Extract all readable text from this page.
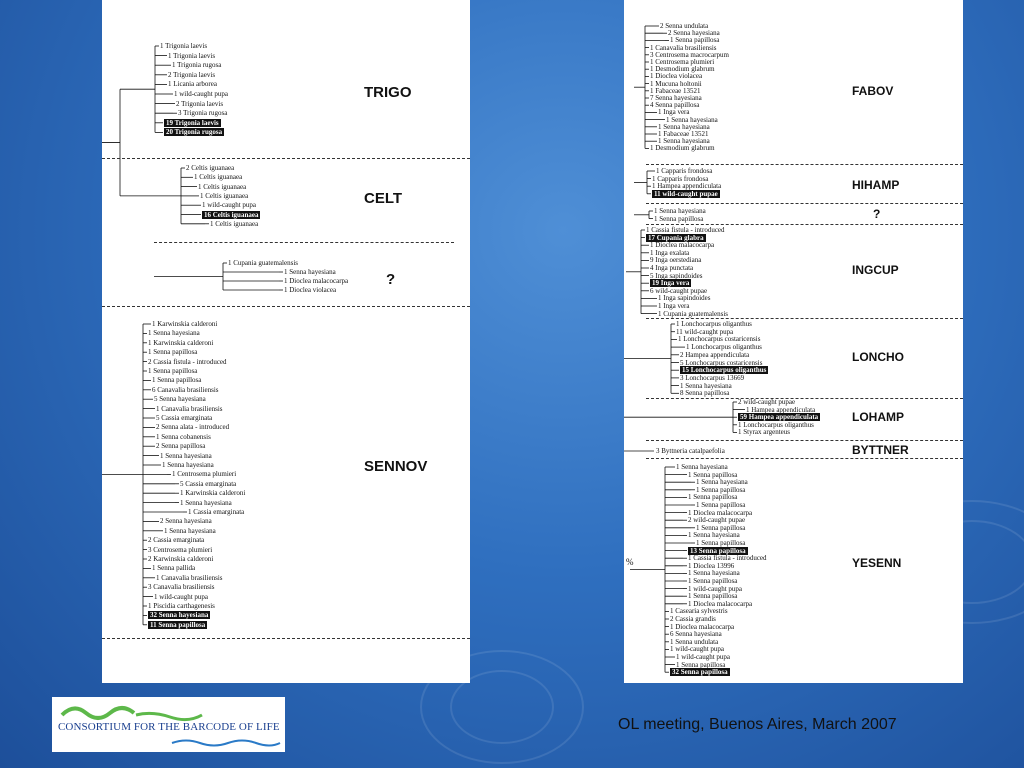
1 Trigonia laevis
1 Trigonia laevis
1 Trigonia rugosa
2 Trigonia laevis
1 Licania arborea
1 wild-caught pupa
2 Trigonia laevis
3 Trigonia rugosa
19 Trigonia laevis
20 Trigonia rugosa
2 Celtis iguanaea
1 Celtis iguanaea
1 Celtis iguanaea
1 Celtis iguanaea
1 wild-caught pupa
16 Celtis iguanaea
1 Celtis iguanaea
1 Cupania guatemalensis
1 Senna hayesiana
1 Dioclea malacocarpa
1 Dioclea violacea
1 Karwinskia calderoni
1 Senna hayesiana
1 Karwinskia calderoni
1 Senna papillosa
2 Cassia fistula - introduced
1 Senna papillosa
1 Senna papillosa
6 Canavalia brasiliensis
5 Senna hayesiana
1 Canavalia brasiliensis
5 Cassia emarginata
2 Senna alata - introduced
1 Senna cobanensis
2 Senna papillosa
1 Senna hayesiana
1 Senna hayesiana
1 Centrosema plumieri
5 Cassia emarginata
1 Karwinskia calderoni
1 Senna hayesiana
1 Cassia emarginata
2 Senna hayesiana
1 Senna hayesiana
2 Cassia emarginata
3 Centrosema plumieri
2 Karwinskia calderoni
1 Senna pallida
1 Canavalia brasiliensis
3 Canavalia brasiliensis
1 wild-caught pupa
1 Piscidia carthagenesis
32 Senna hayesiana
11 Senna papillosa
TRIGO
CELT
?
SENNOV
2 Senna undulata
2 Senna hayesiana
1 Senna papillosa
1 Canavalia brasiliensis
3 Centrosema macrocarpum
1 Centrosema plumieri
1 Desmodium glabrum
1 Dioclea violacea
1 Mucuna holtonii
1 Fabaceae 13521
7 Senna hayesiana
4 Senna papillosa
1 Inga vera
1 Senna hayesiana
1 Senna hayesiana
1 Fabaceae 13521
1 Senna hayesiana
1 Desmodium glabrum
1 Capparis frondosa
1 Capparis frondosa
1 Hampea appendiculata
11 wild-caught pupae
1 Senna hayesiana
1 Senna papillosa
1 Cassia fistula - introduced
17 Cupania glabra
1 Dioclea malacocarpa
1 Inga exalata
9 Inga oerstediana
4 Inga punctata
5 Inga sapindoides
19 Inga vera
6 wild-caught pupae
1 Inga sapindoides
1 Inga vera
1 Cupania guatemalensis
1 Lonchocarpus oliganthus
11 wild-caught pupa
1 Lonchocarpus costaricensis
1 Lonchocarpus oliganthus
2 Hampea appendiculata
5 Lonchocarpus costaricensis
15 Lonchocarpus oliganthus
3 Lonchocarpus 13669
1 Senna hayesiana
8 Senna papillosa
2 wild-caught pupae
1 Hampea appendiculata
59 Hampea appendiculata
1 Lonchocarpus oliganthus
1 Styrax argenteus
1 Senna hayesiana
1 Senna papillosa
1 Senna hayesiana
1 Senna papillosa
1 Senna papillosa
1 Senna papillosa
1 Dioclea malacocarpa
2 wild-caught pupae
1 Senna papillosa
1 Senna hayesiana
1 Senna papillosa
13 Senna papillosa
1 Cassia fistula - introduced
1 Dioclea 13996
1 Senna hayesiana
1 Senna papillosa
1 wild-caught pupa
1 Senna papillosa
1 Dioclea malacocarpa
1 Casearia sylvestris
2 Cassia grandis
1 Dioclea malacocarpa
6 Senna hayesiana
1 Senna undulata
1 wild-caught pupa
1 wild-caught pupa
1 Senna papillosa
32 Senna papillosa
FABOV
HIHAMP
?
INGCUP
LONCHO
LOHAMP
BYTTNER
YESENN
3 Byttneria catalpaefolia
%
CONSORTIUM FOR THE BARCODE OF LIFE	OL meeting, Buenos Aires, March 2007
